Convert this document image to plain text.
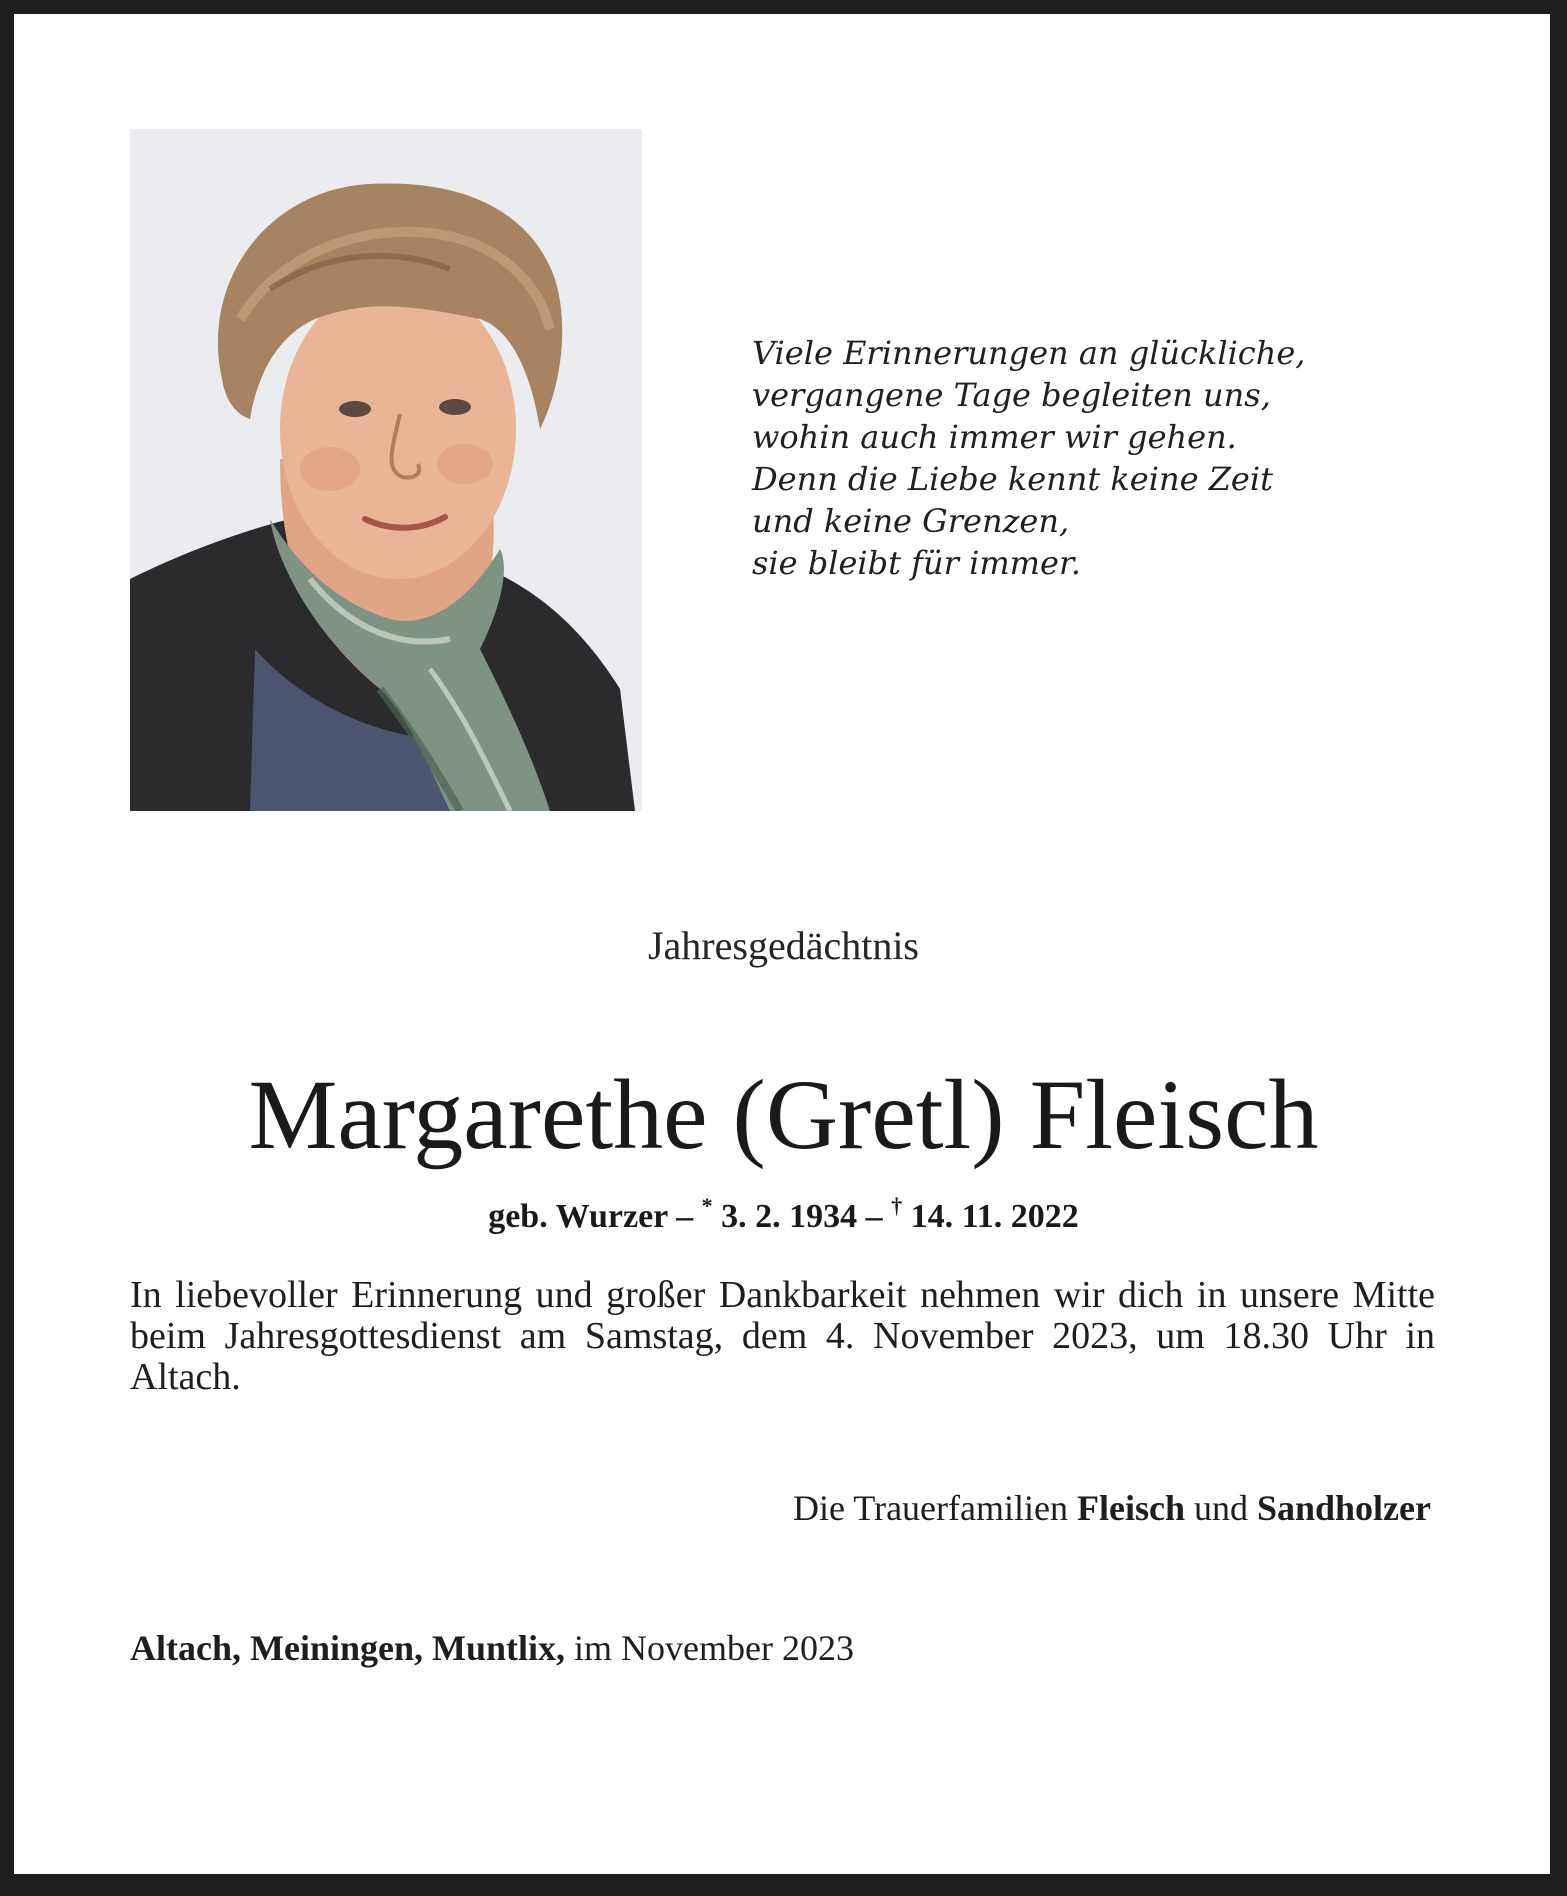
Viele Erinnerungen an glückliche,
vergangene Tage begleiten uns,
wohin auch immer wir gehen.
Denn die Liebe kennt keine Zeit
und keine Grenzen,
sie bleibt für immer.
Jahresgedächtnis
Margarethe (Gretl) Fleisch
geb. Wurzer – * 3. 2. 1934 – † 14. 11. 2022
In liebevoller Erinnerung und großer Dankbarkeit nehmen wir dich in unsere Mitte beim Jahresgottesdienst am Samstag, dem 4. November 2023, um 18.30 Uhr in Altach.
Die Trauerfamilien Fleisch und Sandholzer
Altach, Meiningen, Muntlix, im November 2023
